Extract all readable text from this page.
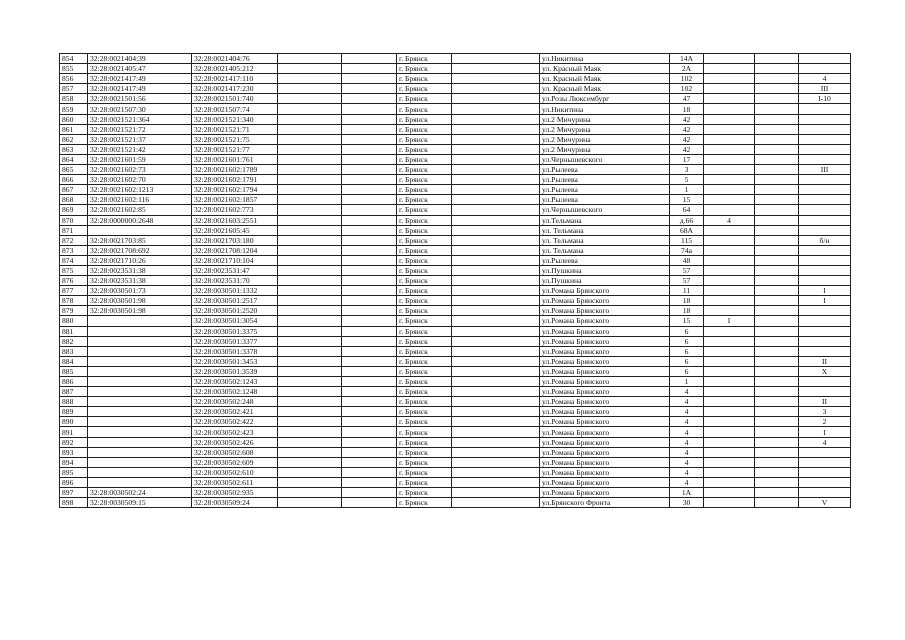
854	32:28:0021404:39	32:28:0021404:76			г. Брянск		ул.Никитина	14А			
855	32:28:0021405:47	32:28:0021405:212			г. Брянск		ул. Красный Маяк	2А			
856	32:28:0021417:49	32:28:0021417:110			г. Брянск		ул. Красный Маяк	102			4
857	32:28:0021417:49	32:28:0021417:230			г. Брянск		ул. Красный Маяк	102			III
858	32:28:0021501:56	32:28:0021501:740			г. Брянск		ул.Розы Люксембург	47			I-10
859	32:28:0021507:30	32:28:0021507:74			г. Брянск		ул.Никитина	18			
860	32:28:0021521:364	32:28:0021521:340			г. Брянск		ул.2 Мичурина	42			
861	32:28:0021521:72	32:28:0021521:71			г. Брянск		ул.2 Мичурина	42			
862	32:28:0021521:37	32:28:0021521:75			г. Брянск		ул.2 Мичурина	42			
863	32:28:0021521:42	32:28:0021521:77			г. Брянск		ул.2 Мичурина	42			
864	32:28:0021601:59	32:28:0021601:761			г. Брянск		ул.Чернышевского	17			
865	32:28:0021602:73	32:28:0021602:1789			г. Брянск		ул.Рылеева	3			III
866	32:28:0021602:70	32:28:0021602:1791			г. Брянск		ул.Рылеева	5			
867	32:28:0021602:1213	32:28:0021602:1794			г. Брянск		ул.Рылеева	1			
868	32:28:0021602:116	32:28:0021602:1857			г. Брянск		ул.Рылеева	15			
869	32:28:0021602:85	32:28:0021602:773			г. Брянск		ул.Чернышевского	64			
870	32:28:0000000:2648	32:28:0021603:2551			г. Брянск		ул.Тельмана	д.66	4		
871		32:28:0021605:45			г. Брянск		ул. Тельмана	68А			
872	32:28:0021703:85	32:28:0021703:180			г. Брянск		ул. Тельмана	115			б/н
873	32:28:0021708:692	32:28:0021708:1204			г. Брянск		ул. Тельмана	74а			
874	32:28:0021710:26	32:28:0021710:104			г. Брянск		ул.Рылеева	48			
875	32:28:0023531:38	32:28:0023531:47			г. Брянск		ул.Пушкина	57			
876	32:28:0023531:38	32:28:0023531:70			г. Брянск		ул.Пушкина	57			
877	32:28:0030501:73	32:28:0030501:1332			г. Брянск		ул.Романа Брянского	11			I
878	32:28:0030501:98	32:28:0030501:2517			г. Брянск		ул.Романа Брянского	18			I
879	32:28:0030501:98	32:28:0030501:2520			г. Брянск		ул.Романа Брянского	18			
880		32:28:0030501:3054			г. Брянск		ул.Романа Брянского	15	I		
881		32:28:0030501:3375			г. Брянск		ул.Романа Брянского	6			
882		32:28:0030501:3377			г. Брянск		ул.Романа Брянского	6			
883		32:28:0030501:3378			г. Брянск		ул.Романа Брянского	6			
884		32:28:0030501:3453			г. Брянск		ул.Романа Брянского	6			II
885		32:28:0030501:3539			г. Брянск		ул.Романа Брянского	6			X
886		32:28:0030502:1243			г. Брянск		ул.Романа Брянского	1			
887		32:28:0030502:1248			г. Брянск		ул.Романа Брянского	4			
888		32:28:0030502:248			г. Брянск		ул.Романа Брянского	4			II
889		32:28:0030502:421			г. Брянск		ул.Романа Брянского	4			3
890		32:28:0030502:422			г. Брянск		ул.Романа Брянского	4			2
891		32:28:0030502:423			г. Брянск		ул.Романа Брянского	4			I
892		32:28:0030502:426			г. Брянск		ул.Романа Брянского	4			4
893		32:28:0030502:608			г. Брянск		ул.Романа Брянского	4			
894		32:28:0030502:609			г. Брянск		ул.Романа Брянского	4			
895		32:28:0030502:610			г. Брянск		ул.Романа Брянского	4			
896		32:28:0030502:611			г. Брянск		ул.Романа Брянского	4			
897	32:28:0030502:24	32:28:0030502:935			г. Брянск		ул.Романа Брянского	1А			
898	32:28:0030509:15	32:28:0030509:24			г. Брянск		ул.Брянского Фронта	30			V
